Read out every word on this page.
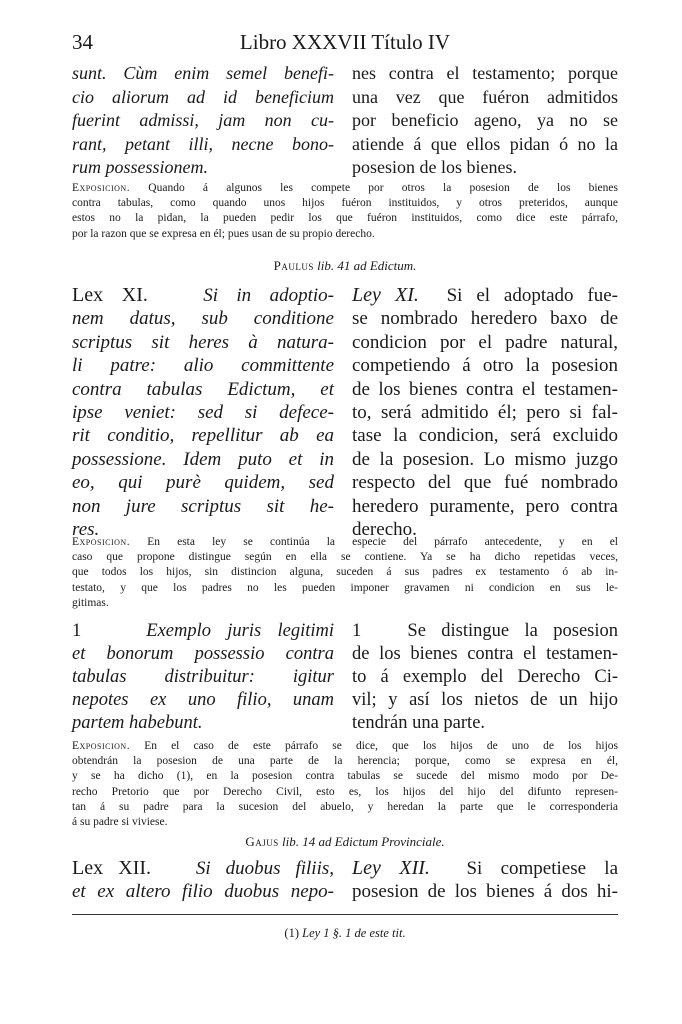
34	Libro XXXVII Título IV
sunt. Cùm enim semel benefi-
cio aliorum ad id beneficium
fuerint admissi, jam non cu-
rant, petant illi, necne bono-
rum possessionem.
nes contra el testamento; porque
una vez que fuéron admitidos
por beneficio ageno, ya no se
atiende á que ellos pidan ó no la
posesion de los bienes.
Exposicion. Quando á algunos les compete por otros la posesion de los bienes
contra tabulas, como quando unos hijos fuéron instituidos, y otros preteridos, aunque
estos no la pidan, la pueden pedir los que fuéron instituidos, como dice este párrafo,
por la razon que se expresa en él; pues usan de su propio derecho.
Paulus lib. 41 ad Edictum.
Lex XI.	Si in adoptio-
nem datus, sub conditione
scriptus sit heres à natura-
li patre: alio committente
contra tabulas Edictum, et
ipse veniet: sed si defece-
rit conditio, repellitur ab ea
possessione. Idem puto et in
eo, qui purè quidem, sed
non jure scriptus sit he-
res.
Ley XI. Si el adoptado fue-
se nombrado heredero baxo de
condicion por el padre natural,
competiendo á otro la posesion
de los bienes contra el testamen-
to, será admitido él; pero si fal-
tase la condicion, será excluido
de la posesion. Lo mismo juzgo
respecto del que fué nombrado
heredero puramente, pero contra
derecho.
Exposicion. En esta ley se continúa la especie del párrafo antecedente, y en el
caso que propone distingue según en ella se contiene. Ya se ha dicho repetidas veces,
que todos los hijos, sin distincion alguna, suceden á sus padres ex testamento ó ab in-
testato, y que los padres no les pueden imponer gravamen ni condicion en sus le-
gitimas.
1	Exemplo juris legitimi
et bonorum possessio contra
tabulas distribuitur: igitur
nepotes ex uno filio, unam
partem habebunt.
1 Se distingue la posesion
de los bienes contra el testamen-
to á exemplo del Derecho Ci-
vil; y así los nietos de un hijo
tendrán una parte.
Exposicion. En el caso de este párrafo se dice, que los hijos de uno de los hijos
obtendrán la posesion de una parte de la herencia; porque, como se expresa en él,
y se ha dicho (1), en la posesion contra tabulas se sucede del mismo modo por De-
recho Pretorio que por Derecho Civil, esto es, los hijos del hijo del difunto represen-
tan á su padre para la sucesion del abuelo, y heredan la parte que le corresponderia
á su padre si viviese.
Gajus lib. 14 ad Edictum Provinciale.
Lex XII. Si duobus filiis,
et ex altero filio duobus nepo-
Ley XII. Si competiese la
posesion de los bienes á dos hi-
(1) Ley 1 §. 1 de este tit.
